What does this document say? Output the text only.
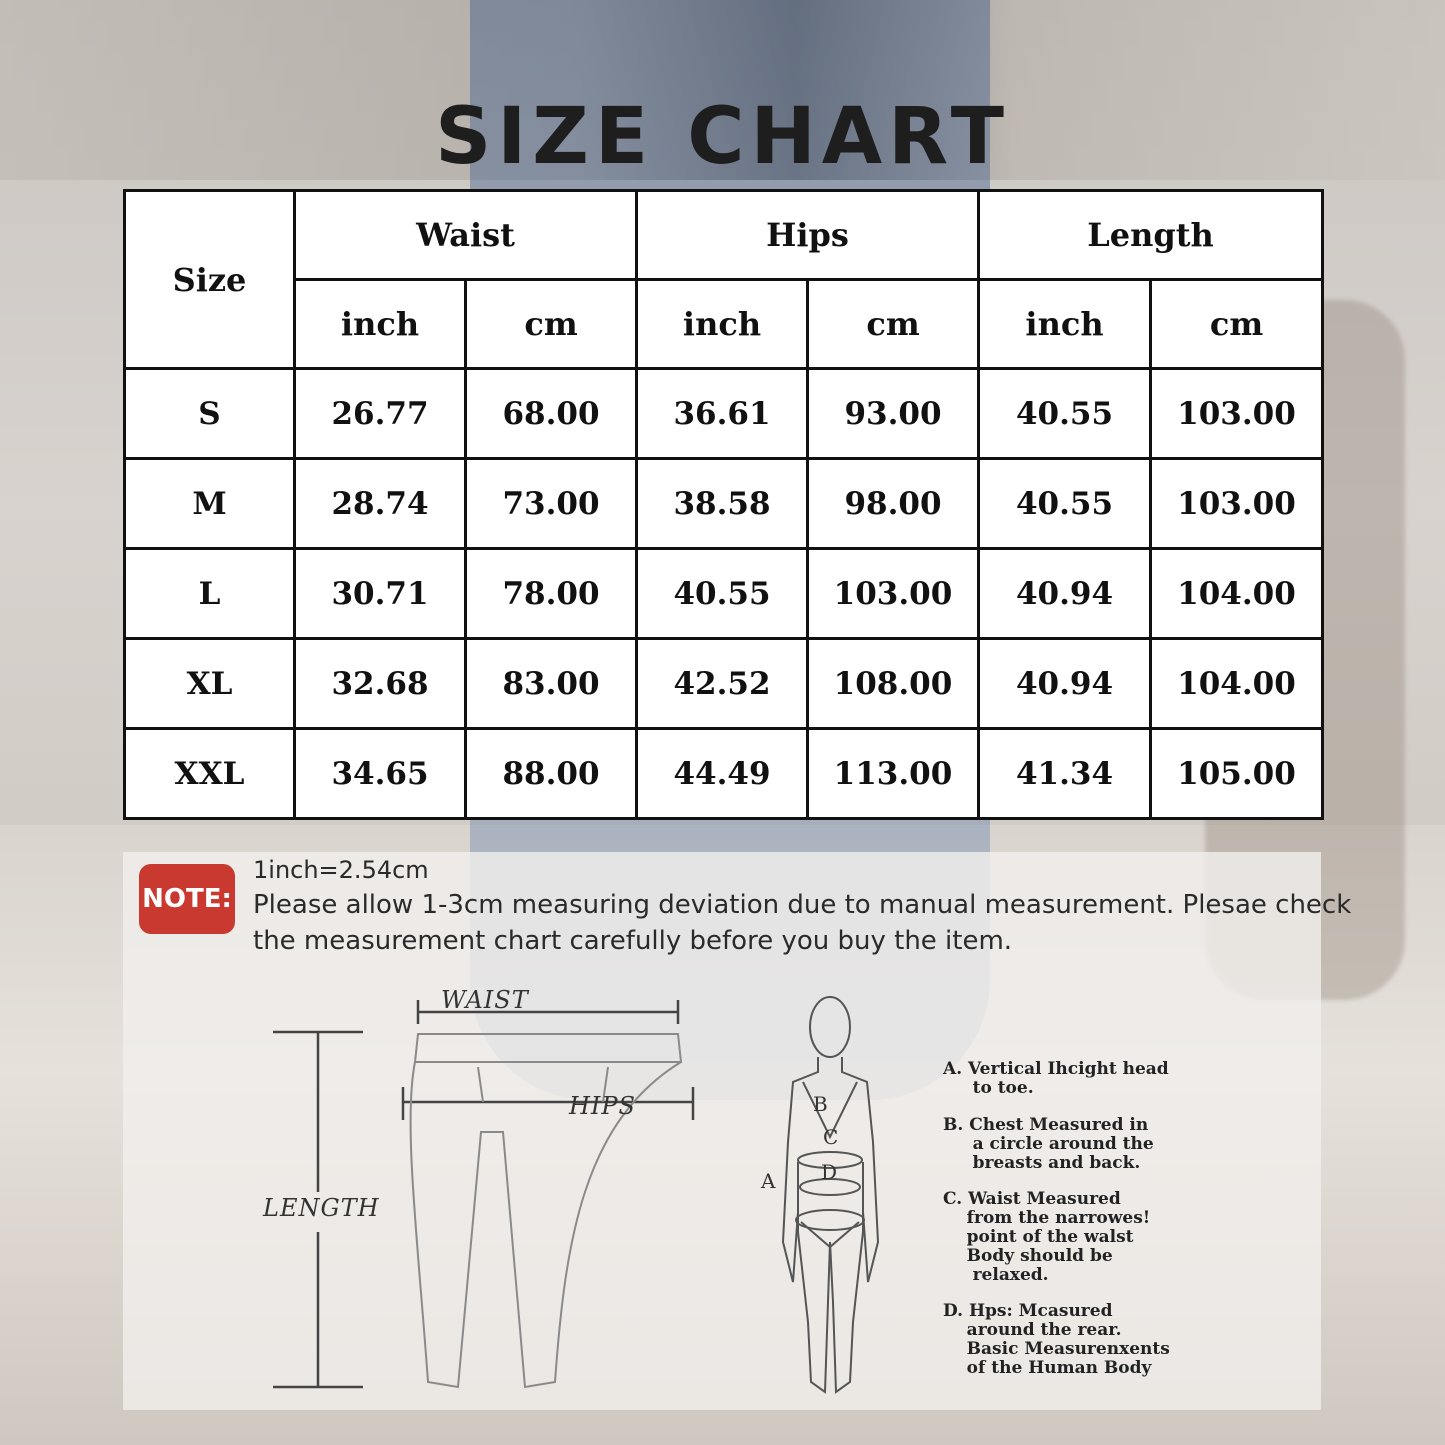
SIZE CHART
Size	Waist		Hips		Length	
	inch	cm	inch	cm	inch	cm
S	26.77	68.00	36.61	93.00	40.55	103.00
M	28.74	73.00	38.58	98.00	40.55	103.00
L	30.71	78.00	40.55	103.00	40.94	104.00
XL	32.68	83.00	42.52	108.00	40.94	104.00
XXL	34.65	88.00	44.49	113.00	41.34	105.00
NOTE:
1inch=2.54cm
Please allow 1-3cm measuring deviation due to manual measurement. Plesae check
the measurement chart carefully before you buy the item.
WAIST
HIPS
LENGTH
B
C
D
A
A. Vertical Ihcight head
to toe.
B. Chest Measured in
a circle around the
breasts and back.
C. Waist Measured
from the narrowes!
point of the walst
Body should be
relaxed.
D. Hps: Mcasured
around the rear.
Basic Measurenxents
of the Human Body
